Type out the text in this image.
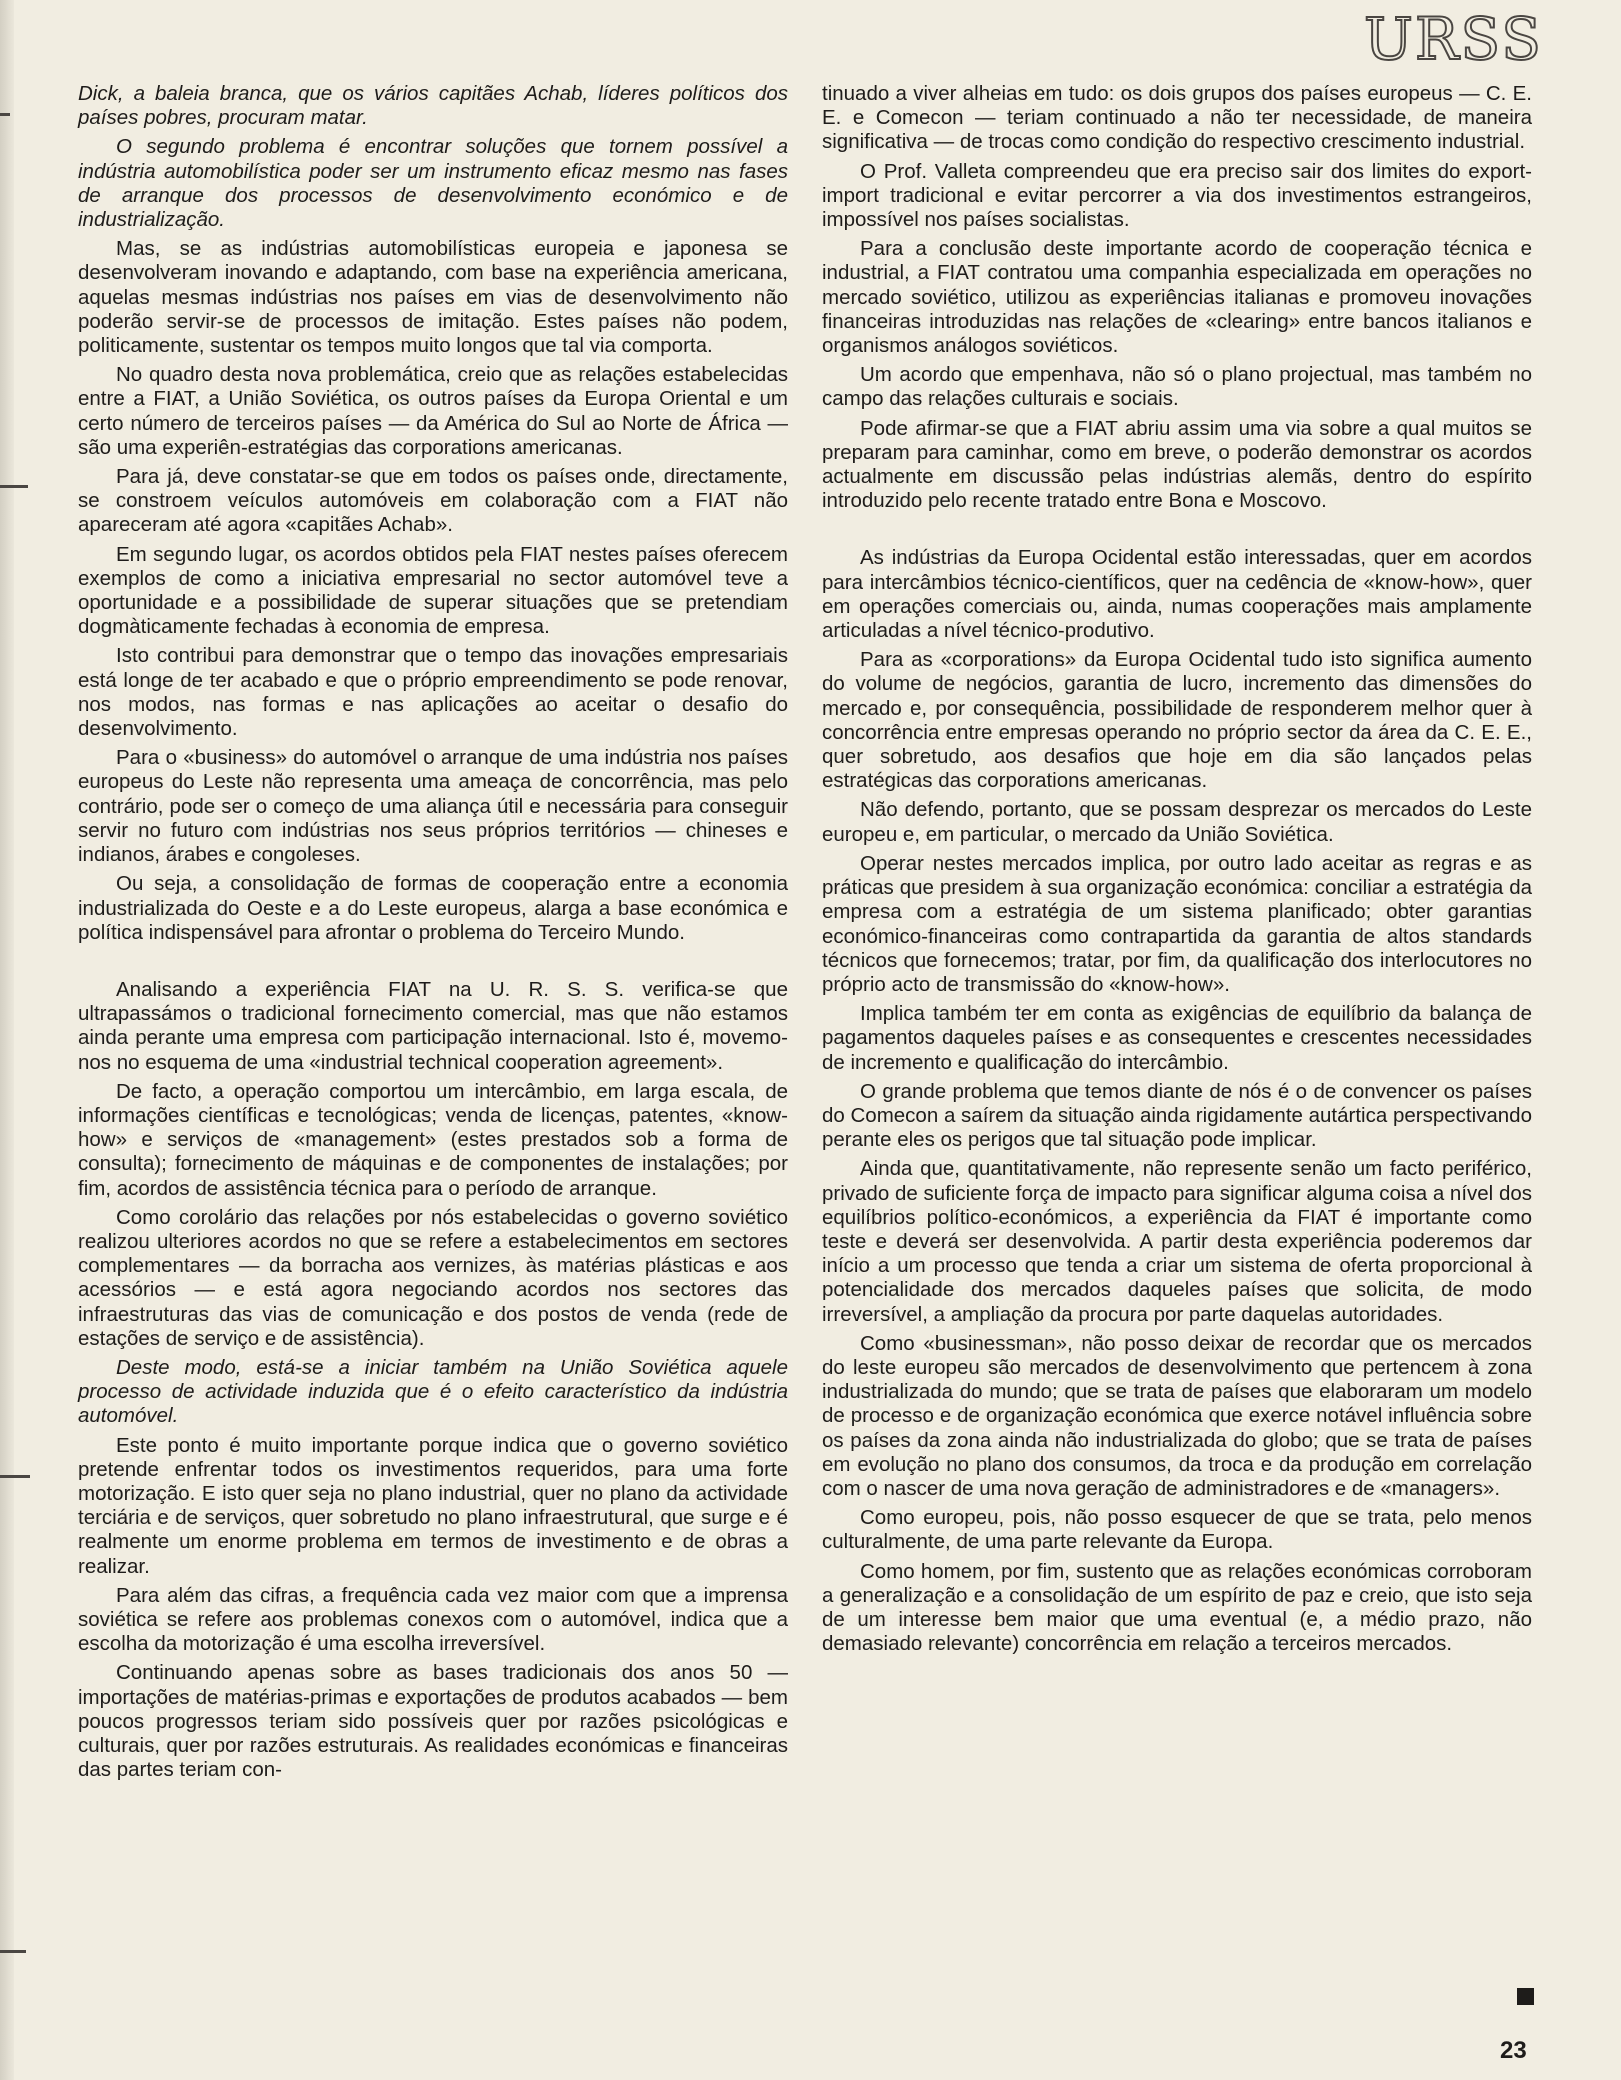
URSS

Dick, a baleia branca, que os vários capitães Achab, líderes políticos dos países pobres, procuram matar.

O segundo problema é encontrar soluções que tornem possível a indústria automobilística poder ser um instrumento eficaz mesmo nas fases de arranque dos processos de desenvolvimento económico e de industrialização.

Mas, se as indústrias automobilísticas europeia e japonesa se desenvolveram inovando e adaptando, com base na experiência americana, aquelas mesmas indústrias nos países em vias de desenvolvimento não poderão servir-se de processos de imitação. Estes países não podem, politicamente, sustentar os tempos muito longos que tal via comporta.

No quadro desta nova problemática, creio que as relações estabelecidas entre a FIAT, a União Soviética, os outros países da Europa Oriental e um certo número de terceiros países — da América do Sul ao Norte de África — são uma experiên-estratégias das corporations americanas.

Para já, deve constatar-se que em todos os países onde, directamente, se constroem veículos automóveis em colaboração com a FIAT não apareceram até agora «capitães Achab».

Em segundo lugar, os acordos obtidos pela FIAT nestes países oferecem exemplos de como a iniciativa empresarial no sector automóvel teve a oportunidade e a possibilidade de superar situações que se pretendiam dogmàticamente fechadas à economia de empresa.

Isto contribui para demonstrar que o tempo das inovações empresariais está longe de ter acabado e que o próprio empreendimento se pode renovar, nos modos, nas formas e nas aplicações ao aceitar o desafio do desenvolvimento.

Para o «business» do automóvel o arranque de uma indústria nos países europeus do Leste não representa uma ameaça de concorrência, mas pelo contrário, pode ser o começo de uma aliança útil e necessária para conseguir servir no futuro com indústrias nos seus próprios territórios — chineses e indianos, árabes e congoleses.

Ou seja, a consolidação de formas de cooperação entre a economia industrializada do Oeste e a do Leste europeus, alarga a base económica e política indispensável para afrontar o problema do Terceiro Mundo.

Analisando a experiência FIAT na U. R. S. S. verifica-se que ultrapassámos o tradicional fornecimento comercial, mas que não estamos ainda perante uma empresa com participação internacional. Isto é, movemo-nos no esquema de uma «industrial technical cooperation agreement».

De facto, a operação comportou um intercâmbio, em larga escala, de informações científicas e tecnológicas; venda de licenças, patentes, «know-how» e serviços de «management» (estes prestados sob a forma de consulta); fornecimento de máquinas e de componentes de instalações; por fim, acordos de assistência técnica para o período de arranque.

Como corolário das relações por nós estabelecidas o governo soviético realizou ulteriores acordos no que se refere a estabelecimentos em sectores complementares — da borracha aos vernizes, às matérias plásticas e aos acessórios — e está agora negociando acordos nos sectores das infraestruturas das vias de comunicação e dos postos de venda (rede de estações de serviço e de assistência).

Deste modo, está-se a iniciar também na União Soviética aquele processo de actividade induzida que é o efeito característico da indústria automóvel.

Este ponto é muito importante porque indica que o governo soviético pretende enfrentar todos os investimentos requeridos, para uma forte motorização. E isto quer seja no plano industrial, quer no plano da actividade terciária e de serviços, quer sobretudo no plano infraestrutural, que surge e é realmente um enorme problema em termos de investimento e de obras a realizar.

Para além das cifras, a frequência cada vez maior com que a imprensa soviética se refere aos problemas conexos com o automóvel, indica que a escolha da motorização é uma escolha irreversível.

Continuando apenas sobre as bases tradicionais dos anos 50 — importações de matérias-primas e exportações de produtos acabados — bem poucos progressos teriam sido possíveis quer por razões psicológicas e culturais, quer por razões estruturais. As realidades económicas e financeiras das partes teriam con-

tinuado a viver alheias em tudo: os dois grupos dos países europeus — C. E. E. e Comecon — teriam continuado a não ter necessidade, de maneira significativa — de trocas como condição do respectivo crescimento industrial.

O Prof. Valleta compreendeu que era preciso sair dos limites do export-import tradicional e evitar percorrer a via dos investimentos estrangeiros, impossível nos países socialistas.

Para a conclusão deste importante acordo de cooperação técnica e industrial, a FIAT contratou uma companhia especializada em operações no mercado soviético, utilizou as experiências italianas e promoveu inovações financeiras introduzidas nas relações de «clearing» entre bancos italianos e organismos análogos soviéticos.

Um acordo que empenhava, não só o plano projectual, mas também no campo das relações culturais e sociais.

Pode afirmar-se que a FIAT abriu assim uma via sobre a qual muitos se preparam para caminhar, como em breve, o poderão demonstrar os acordos actualmente em discussão pelas indústrias alemãs, dentro do espírito introduzido pelo recente tratado entre Bona e Moscovo.

As indústrias da Europa Ocidental estão interessadas, quer em acordos para intercâmbios técnico-científicos, quer na cedência de «know-how», quer em operações comerciais ou, ainda, numas cooperações mais amplamente articuladas a nível técnico-produtivo.

Para as «corporations» da Europa Ocidental tudo isto significa aumento do volume de negócios, garantia de lucro, incremento das dimensões do mercado e, por consequência, possibilidade de responderem melhor quer à concorrência entre empresas operando no próprio sector da área da C. E. E., quer sobretudo, aos desafios que hoje em dia são lançados pelas estratégicas das corporations americanas.

Não defendo, portanto, que se possam desprezar os mercados do Leste europeu e, em particular, o mercado da União Soviética.

Operar nestes mercados implica, por outro lado aceitar as regras e as práticas que presidem à sua organização económica: conciliar a estratégia da empresa com a estratégia de um sistema planificado; obter garantias económico-financeiras como contrapartida da garantia de altos standards técnicos que fornecemos; tratar, por fim, da qualificação dos interlocutores no próprio acto de transmissão do «know-how».

Implica também ter em conta as exigências de equilíbrio da balança de pagamentos daqueles países e as consequentes e crescentes necessidades de incremento e qualificação do intercâmbio.

O grande problema que temos diante de nós é o de convencer os países do Comecon a saírem da situação ainda rigidamente autártica perspectivando perante eles os perigos que tal situação pode implicar.

Ainda que, quantitativamente, não represente senão um facto periférico, privado de suficiente força de impacto para significar alguma coisa a nível dos equilíbrios político-económicos, a experiência da FIAT é importante como teste e deverá ser desenvolvida. A partir desta experiência poderemos dar início a um processo que tenda a criar um sistema de oferta proporcional à potencialidade dos mercados daqueles países que solicita, de modo irreversível, a ampliação da procura por parte daquelas autoridades.

Como «businessman», não posso deixar de recordar que os mercados do leste europeu são mercados de desenvolvimento que pertencem à zona industrializada do mundo; que se trata de países que elaboraram um modelo de processo e de organização económica que exerce notável influência sobre os países da zona ainda não industrializada do globo; que se trata de países em evolução no plano dos consumos, da troca e da produção em correlação com o nascer de uma nova geração de administradores e de «managers».

Como europeu, pois, não posso esquecer de que se trata, pelo menos culturalmente, de uma parte relevante da Europa.

Como homem, por fim, sustento que as relações económicas corroboram a generalização e a consolidação de um espírito de paz e creio, que isto seja de um interesse bem maior que uma eventual (e, a médio prazo, não demasiado relevante) concorrência em relação a terceiros mercados.

23
